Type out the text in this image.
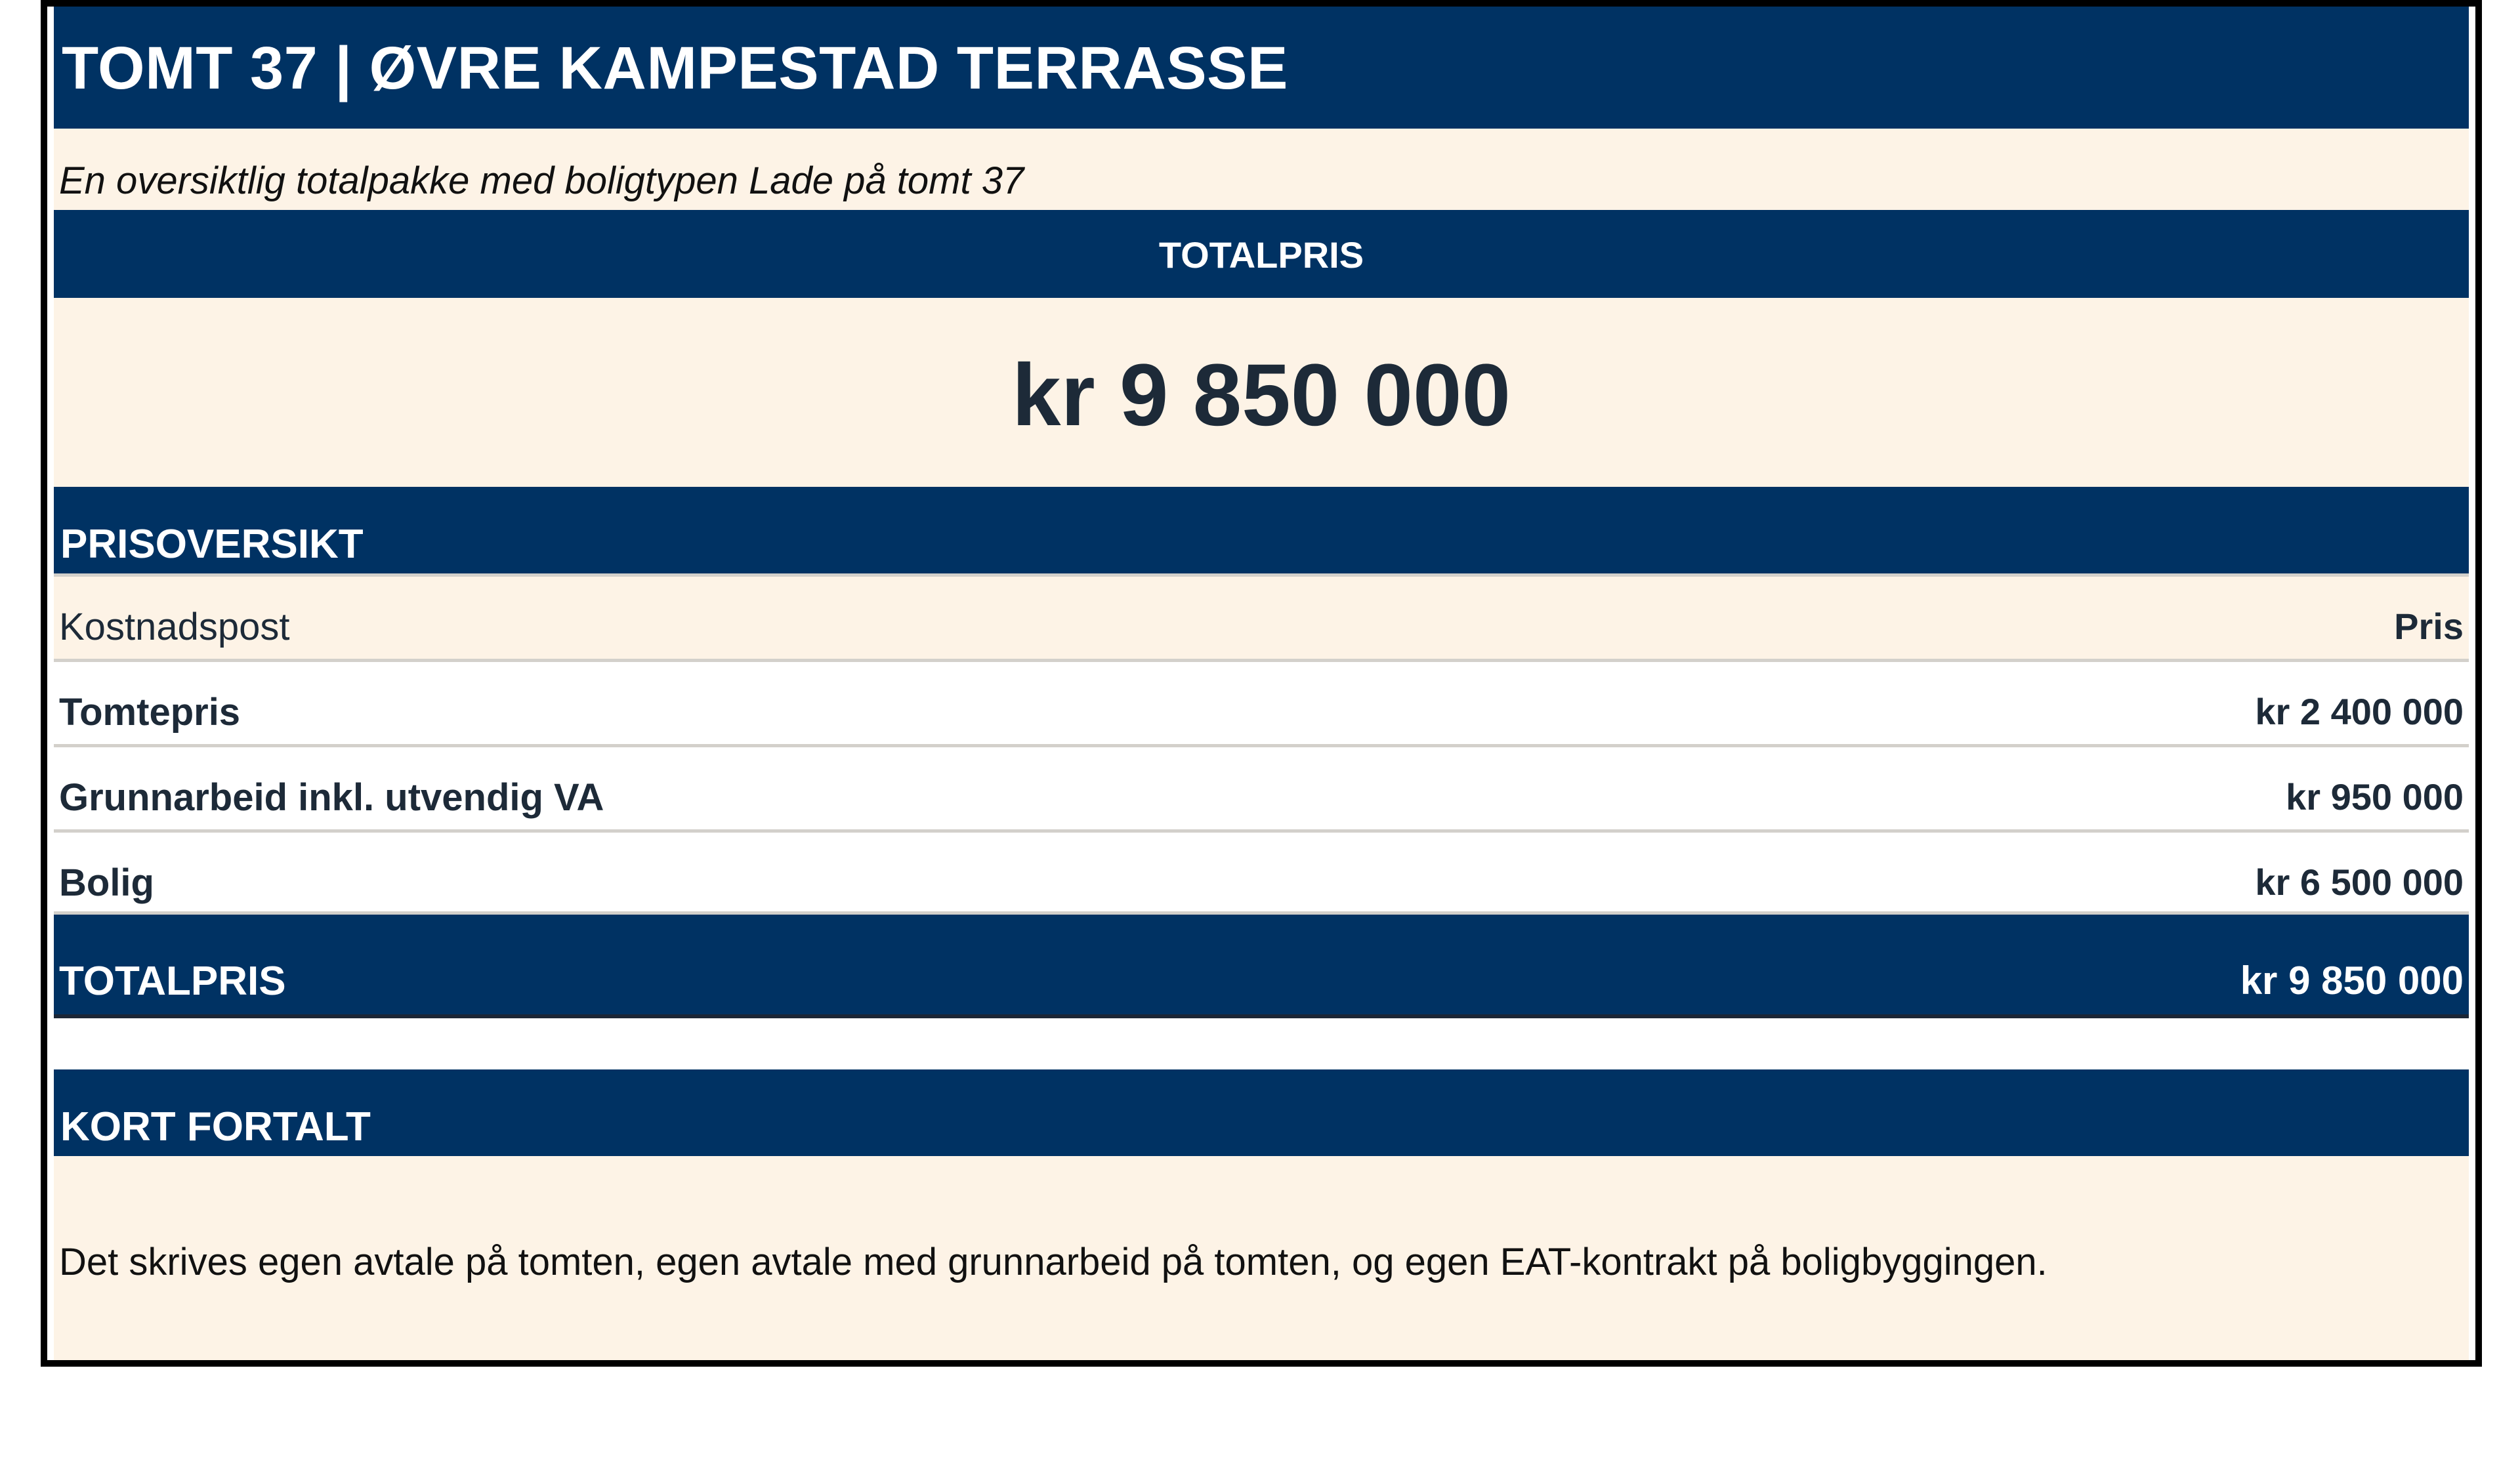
TOMT 37 | ØVRE KAMPESTAD TERRASSE
En oversiktlig totalpakke med boligtypen Lade på tomt 37
TOTALPRIS
kr 9 850 000
PRISOVERSIKT
Kostnadspost	Pris
Tomtepris	kr 2 400 000
Grunnarbeid inkl. utvendig VA	kr 950 000
Bolig	kr 6 500 000
TOTALPRIS	kr 9 850 000
KORT FORTALT
Det skrives egen avtale på tomten, egen avtale med grunnarbeid på tomten, og egen EAT-kontrakt på boligbyggingen.
